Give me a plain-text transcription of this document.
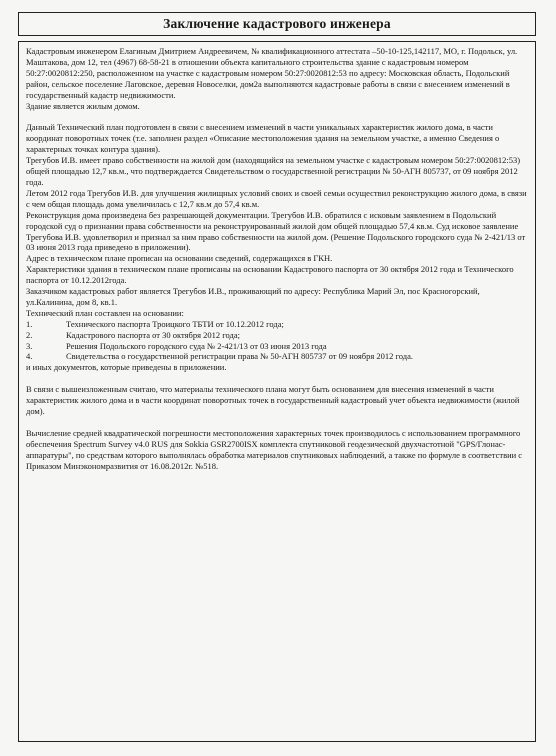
Заключение кадастрового инженера

Кадастровым инженером Елагиным Дмитрием Андреевичем, № квалификационного аттестата –50-10-125,142117, МО, г. Подольск, ул. Маштакова, дом 12, тел (4967) 68-58-21 в отношении объекта капитального строительства здание с кадастровым номером 50:27:0020812:250, расположенном на участке с кадастровым номером 50:27:0020812:53 по адресу: Московская область, Подольский район, сельское поселение Лаговское, деревня Новоселки, дом2а выполняются кадастровые работы в связи с внесением изменений в государственный кадастр недвижимости.

Здание является жилым домом.

Данный Технический план подготовлен в связи с внесением изменений в части уникальных характеристик жилого дома, в части координат поворотных точек (т.е. заполнен раздел «Описание местоположения здания на земельном участке, а именно Сведения о характерных точках контура здания).

Трегубов И.В. имеет право собственности на жилой дом (находящийся на земельном участке с кадастровым номером 50:27:0020812:53) общей площадью 12,7 кв.м., что подтверждается Свидетельством о государственной регистрации № 50-АГН 805737, от 09 ноября 2012 года.

Летом 2012 года Трегубов И.В. для улучшения жилищных условий своих и своей семьи осуществил реконструкцию жилого дома, в связи с чем общая площадь дома увеличилась с 12,7 кв.м до 57,4 кв.м.

Реконструкция дома произведена без разрешающей документации. Трегубов И.В. обратился с исковым заявлением в Подольский городской суд о признании права собственности на реконструированный жилой дом общей площадью 57,4 кв.м. Суд исковое заявление Трегубова И.В. удовлетворил и признал за ним право собственности на жилой дом. (Решение Подольского городского суда № 2-421/13 от 03 июня 2013 года приведено в приложении).

Адрес в техническом плане прописан на основании сведений, содержащихся в ГКН.

Характеристики здания в техническом плане прописаны на основании Кадастрового паспорта от 30 октября 2012 года и Технического паспорта от 10.12.2012года.

Заказчиком кадастровых работ является Трегубов И.В., проживающий по адресу: Республика Марий Эл, пос Красногорский, ул.Калинина, дом 8, кв.1.

Технический план составлен на основании:

1.	Технического паспорта Троицкого ТБТИ от 10.12.2012 года;
2.	Кадастрового паспорта от 30 октября 2012 года;
3.	Решения Подольского городского суда № 2-421/13 от 03 июня 2013 года
4.	Свидетельства о государственной регистрации права № 50-АГН 805737 от 09 ноября 2012 года.

и иных документов, которые приведены в приложении.

В связи с вышеизложенным считаю, что материалы технического плана могут быть основанием для внесения изменений в части характеристик жилого дома и в части координат поворотных точек в государственный кадастровый учет объекта недвижимости (жилой дом).

Вычисление средней квадратической погрешности местоположения характерных точек производилось с использованием программного обеспечения Spectrum Survey v4.0 RUS для Sokkia GSR2700ISX комплекта спутниковой геодезической двухчастотной "GPS/Глонас-аппаратуры", по средствам которого выполнялась обработка материалов спутниковых наблюдений, а также по формуле в соответствии с Приказом Минэкономразвития от 16.08.2012г. №518.
